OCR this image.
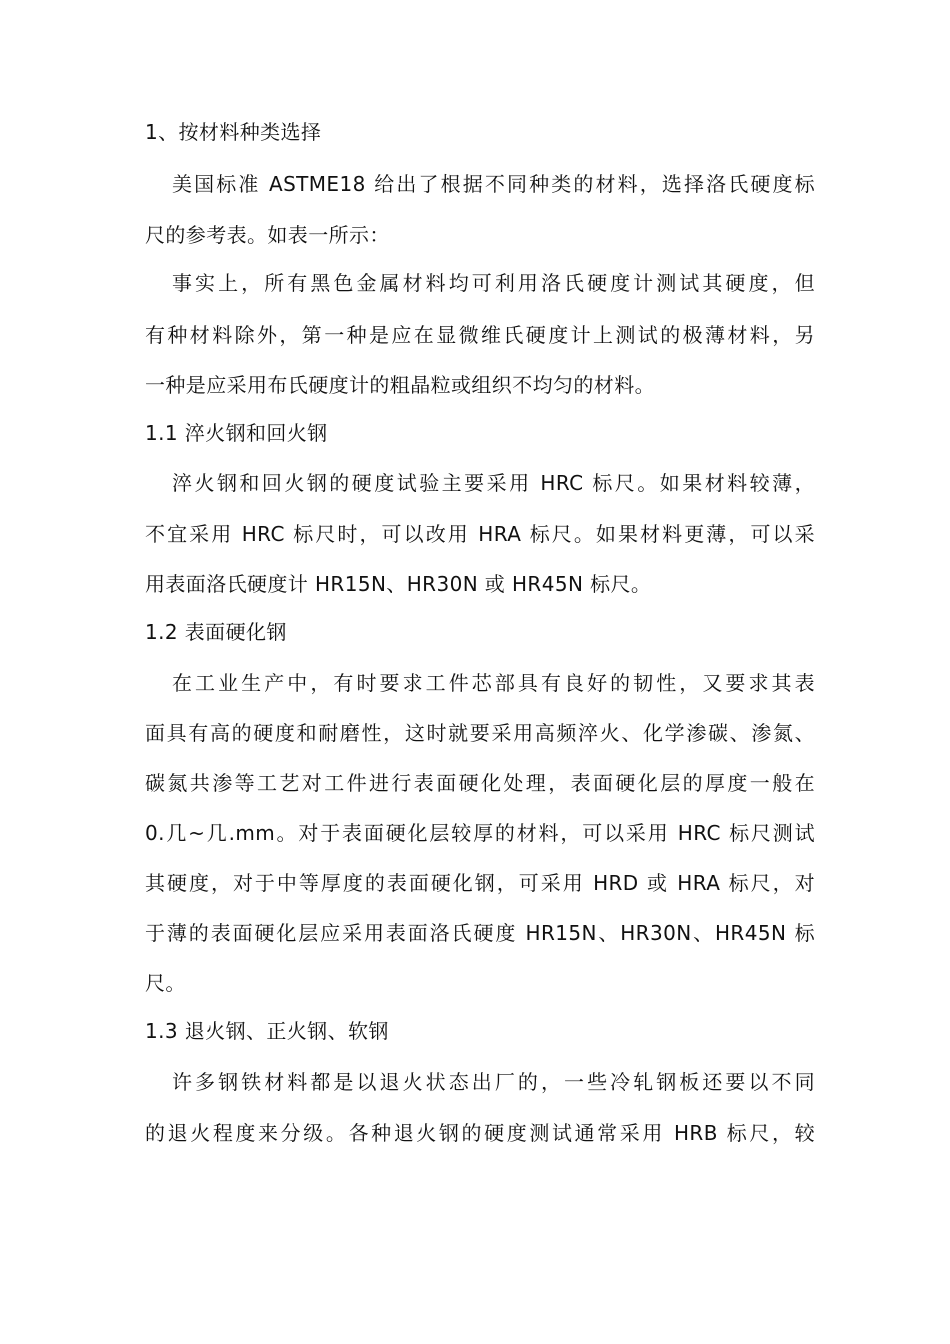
1、按材料种类选择
美国标准 ASTME18 给出了根据不同种类的材料，选择洛氏硬度标
尺的参考表。如表一所示：
事实上，所有黑色金属材料均可利用洛氏硬度计测试其硬度，但
有种材料除外，第一种是应在显微维氏硬度计上测试的极薄材料，另
一种是应采用布氏硬度计的粗晶粒或组织不均匀的材料。
1.1 淬火钢和回火钢
淬火钢和回火钢的硬度试验主要采用 HRC 标尺。如果材料较薄，
不宜采用 HRC 标尺时，可以改用 HRA 标尺。如果材料更薄，可以采
用表面洛氏硬度计 HR15N、HR30N 或 HR45N 标尺。
1.2 表面硬化钢
在工业生产中，有时要求工件芯部具有良好的韧性，又要求其表
面具有高的硬度和耐磨性，这时就要采用高频淬火、化学渗碳、渗氮、
碳氮共渗等工艺对工件进行表面硬化处理，表面硬化层的厚度一般在
0.几~几.mm。对于表面硬化层较厚的材料，可以采用 HRC 标尺测试
其硬度，对于中等厚度的表面硬化钢，可采用 HRD 或 HRA 标尺，对
于薄的表面硬化层应采用表面洛氏硬度 HR15N、HR30N、HR45N 标
尺。
1.3 退火钢、正火钢、软钢
许多钢铁材料都是以退火状态出厂的，一些冷轧钢板还要以不同
的退火程度来分级。各种退火钢的硬度测试通常采用 HRB 标尺，较
